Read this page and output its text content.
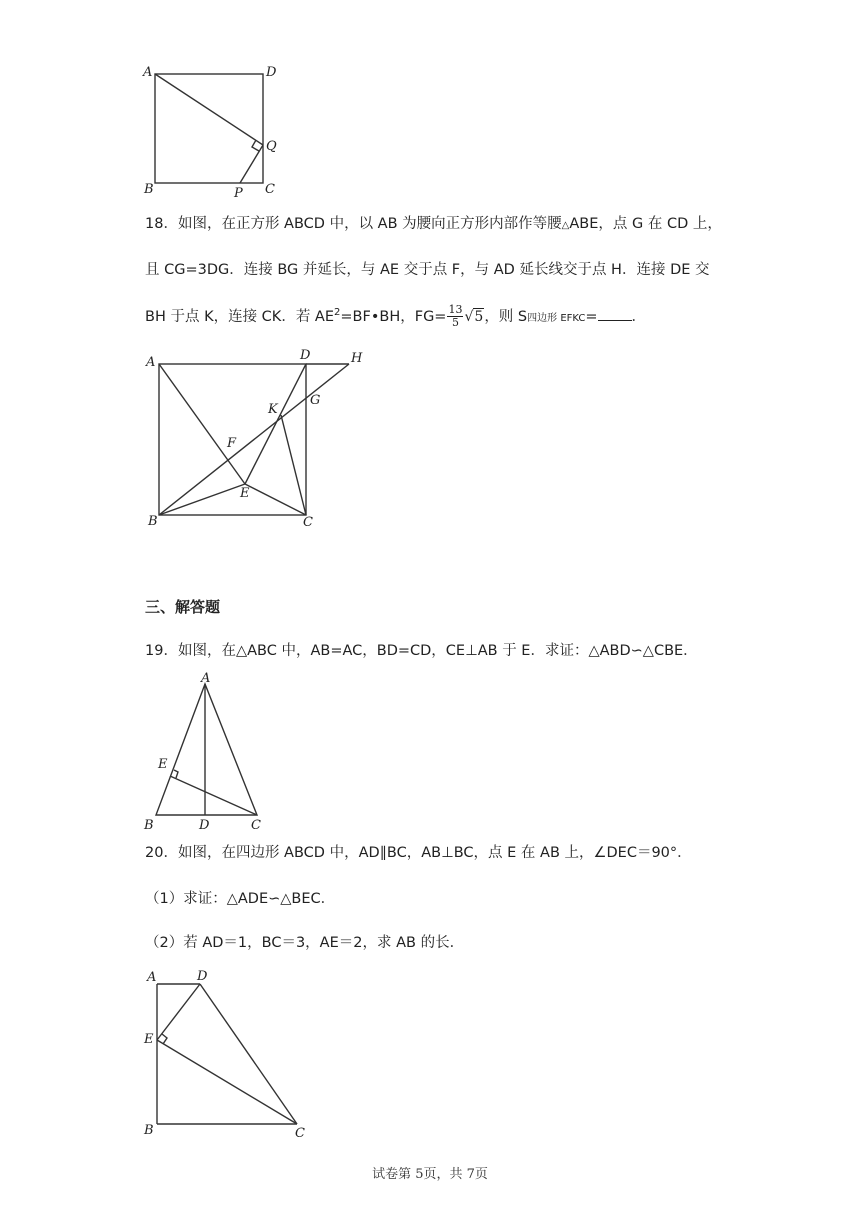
A	D
Q
B	P C
18．如图，在正方形 ABCD 中，以 AB 为腰向正方形内部作等腰△ABE，点 G 在 CD 上，
且 CG=3DG．连接 BG 并延长，与 AE 交于点 F，与 AD 延长线交于点 H．连接 DE 交
BH 于点 K，连接 CK．若 $AE^2=BF•BH$，$FG= \frac{13}{5} √5$，则 S四边形 EFKC= ．
A	D	H
K
G
F
E
B	C
三、解答题
19．如图，在△ABC 中，AB=AC，BD=CD，CE⊥AB 于 E．求证：△ABD∽△CBE．
A
E
B	D	C
20．如图，在四边形 ABCD 中，AD∥BC，AB⊥BC，点 E 在 AB 上，∠DEC＝90°．
（1）求证：△ADE∽△BEC．
（2）若 AD＝1，BC＝3，AE＝2，求 AB 的长．
A	D
E
B	C
试卷第 5页，共 7页
